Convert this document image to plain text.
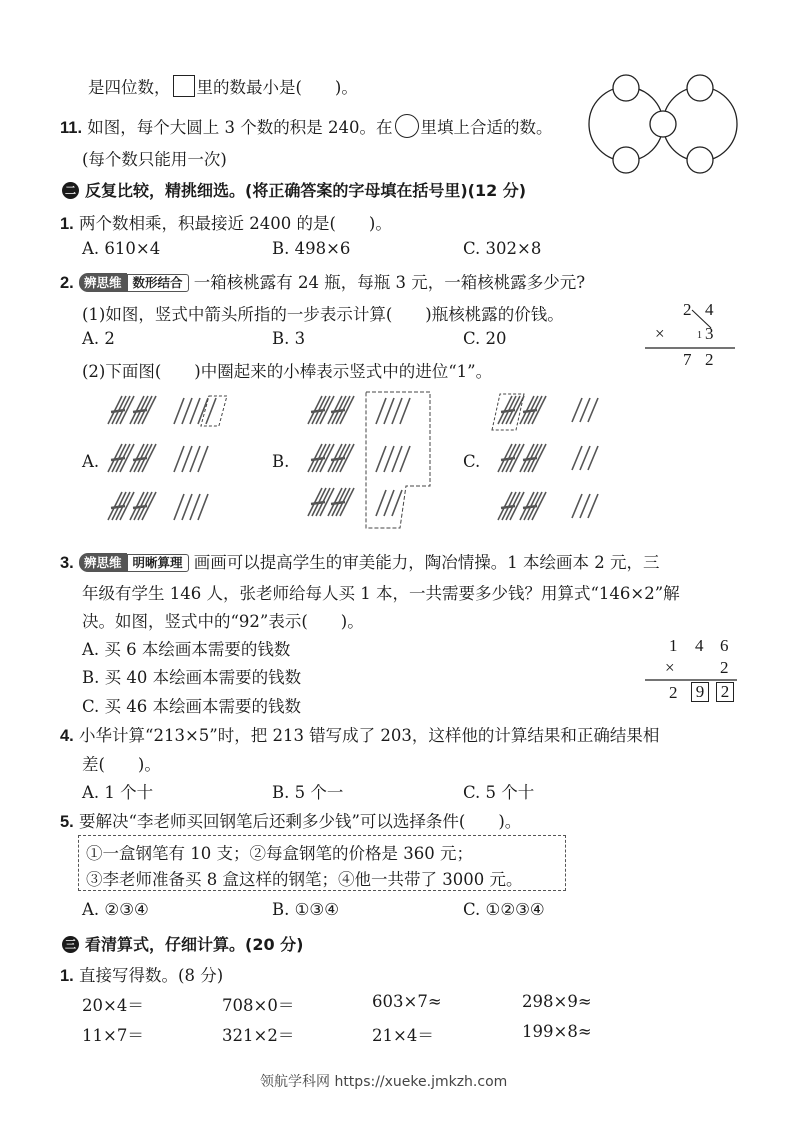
是四位数， 里的数最小是(　　)。
11. 如图，每个大圆上 3 个数的积是 240。在 里填上合适的数。
(每个数只能用一次)
二 反复比较，精挑细选。(将正确答案的字母填在括号里)(12 分)
1. 两个数相乘，积最接近 2400 的是(　　)。
A. 610×4	B. 498×6	C. 302×8
2. 辨思维 数形结合 一箱核桃露有 24 瓶，每瓶 3 元，一箱核桃露多少元?
(1)如图，竖式中箭头所指的一步表示计算(　　)瓶核桃露的价钱。
A. 2	B. 3	C. 20
(2)下面图(　　)中圈起来的小棒表示竖式中的进位“1”。
2 4
×	1 3
7 2
A.	B.	C.
3. 辨思维 明晰算理 画画可以提高学生的审美能力，陶冶情操。1 本绘画本 2 元，三
年级有学生 146 人，张老师给每人买 1 本，一共需要多少钱？用算式“146×2”解
决。如图，竖式中的“92”表示(　　)。
A. 买 6 本绘画本需要的钱数
B. 买 40 本绘画本需要的钱数
C. 买 46 本绘画本需要的钱数
1 4 6
×	2
2 9 2
4. 小华计算“213×5”时，把 213 错写成了 203，这样他的计算结果和正确结果相
差(　　)。
A. 1 个十	B. 5 个一	C. 5 个十
5. 要解决“李老师买回钢笔后还剩多少钱”可以选择条件(　　)。
①一盒钢笔有 10 支；②每盒钢笔的价格是 360 元；
③李老师准备买 8 盒这样的钢笔；④他一共带了 3000 元。
A. ②③④	B. ①③④	C. ①②③④
三 看清算式，仔细计算。(20 分)
1. 直接写得数。(8 分)
20×4＝	708×0＝	603×7≈	298×9≈
11×7＝	321×2＝	21×4＝	199×8≈
领航学科网 https://xueke.jmkzh.com
